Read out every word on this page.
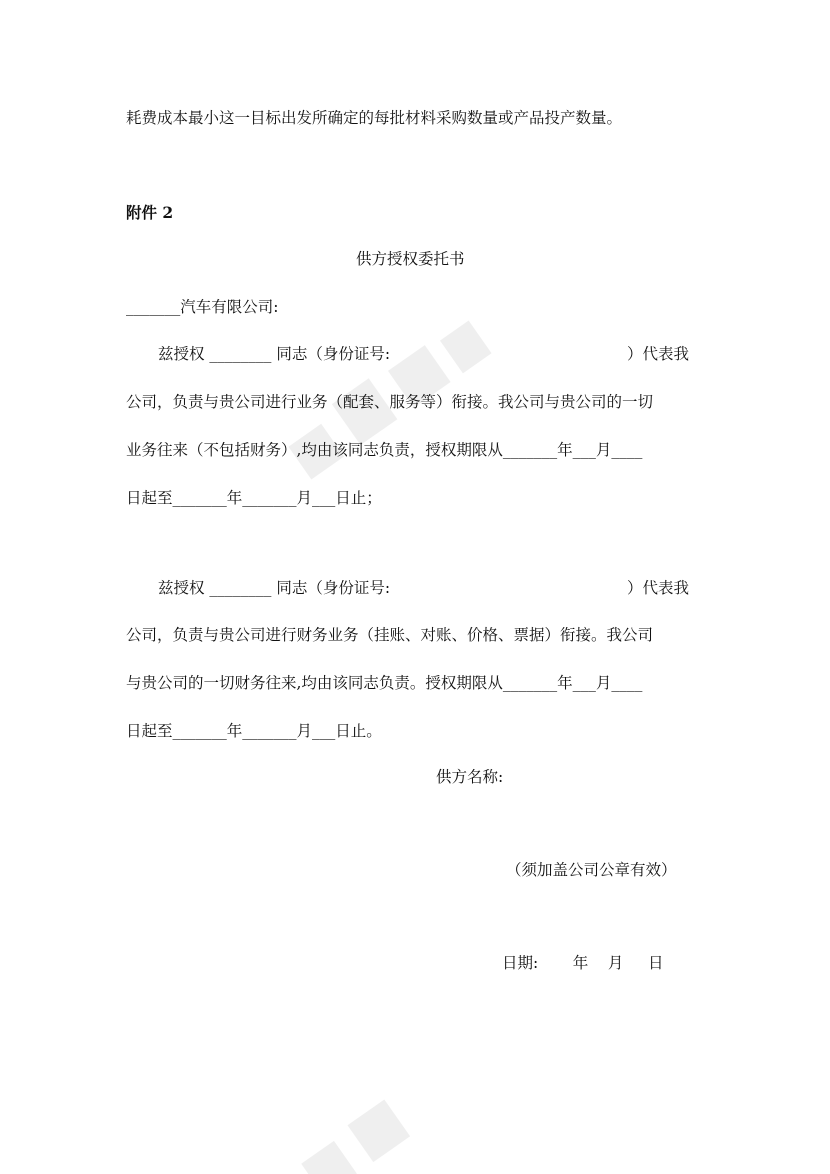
耗费成本最小这一目标出发所确定的每批材料采购数量或产品投产数量。
附件 2
供方授权委托书
_______汽车有限公司:
兹授权 ________ 同志（身份证号:	）代表我
公司，负责与贵公司进行业务（配套、服务等）衔接。我公司与贵公司的一切
业务往来（不包括财务）,均由该同志负责，授权期限从_______年___月____
日起至_______年_______月___日止；
兹授权 ________ 同志（身份证号:	）代表我
公司，负责与贵公司进行财务业务（挂账、对账、价格、票据）衔接。我公司
与贵公司的一切财务往来,均由该同志负责。授权期限从_______年___月____
日起至_______年_______月___日止。
供方名称:
（须加盖公司公章有效）
日期:       年    月     日
